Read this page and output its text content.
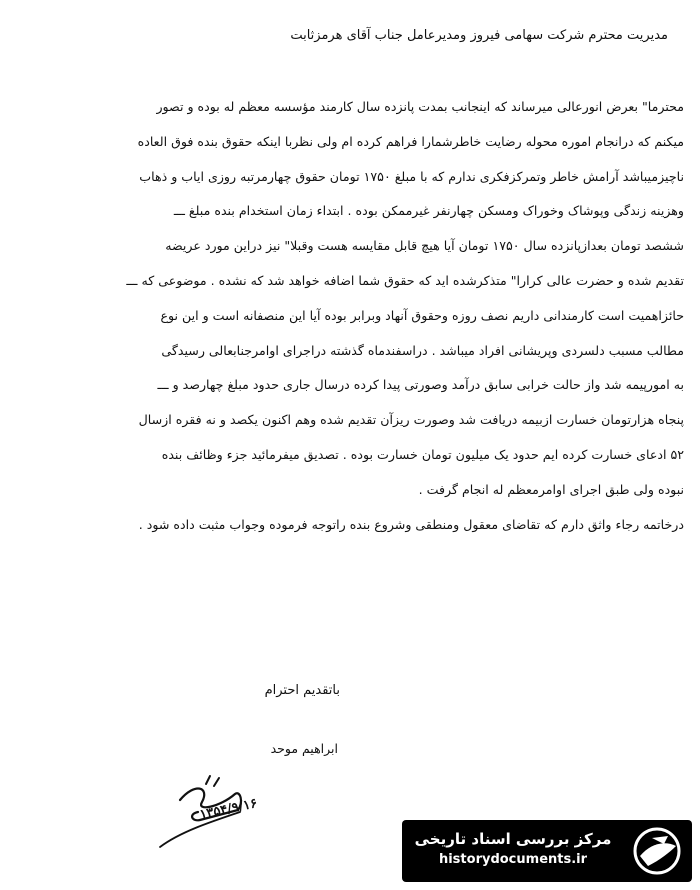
مدیریت محترم شرکت سهامی فیروز ومدیرعامل جناب آقای هرمزثابت
محترما" بعرض انورعالی میرساند که اینجانب بمدت پانزده سال کارمند مؤسسه معظم له بوده و تصور
میکنم که درانجام اموره محوله رضایت خاطرشمارا فراهم کرده ام ولی نظربا اینکه حقوق بنده فوق العاده
ناچیزمیباشد آرامش خاطر وتمرکزفکری ندارم که با مبلغ ۱۷۵۰ تومان حقوق چهارمرتبه روزی ایاب و ذهاب
وهزینه زندگی وپوشاک وخوراک ومسکن چهارنفر غیرممکن بوده . ابتداء زمان استخدام بنده مبلغ ـــ
ششصد تومان بعدازپانزده سال ۱۷۵۰ تومان آیا هیچ قابل مقایسه هست وقبلا" نیز دراین مورد عریضه
تقدیم شده و حضرت عالی کرارا" متذکرشده اید که حقوق شما اضافه خواهد شد که نشده . موضوعی که ـــ
حائزاهمیت است کارمندانی داریم نصف روزه وحقوق آنهاد وبرابر بوده آیا این منصفانه است و این نوع
مطالب مسبب دلسردی وپریشانی افراد میباشد . دراسفندماه گذشته دراجرای اوامرجنابعالی رسیدگی
به امورپیمه شد واز حالت خرابی سابق درآمد وصورتی پیدا کرده درسال جاری حدود مبلغ چهارصد و ـــ
پنجاه هزارتومان خسارت ازبیمه دریافت شد وصورت ریزآن تقدیم شده وهم اکنون یکصد و نه فقره ازسال
۵۲ ادعای خسارت کرده ایم حدود یک میلیون تومان خسارت بوده . تصدیق میفرمائید جزء وظائف بنده
نبوده ولی طبق اجرای اوامرمعظم له انجام گرفت .
درخاتمه رجاء واثق دارم که تقاضای معقول ومنطقی وشروع بنده راتوجه فرموده وجواب مثبت داده شود .
باتقدیم احترام
ابراهیم موحد
۱۳۵۴/۹/۱۶
مرکز بررسی اسناد تاریخی
historydocuments.ir
